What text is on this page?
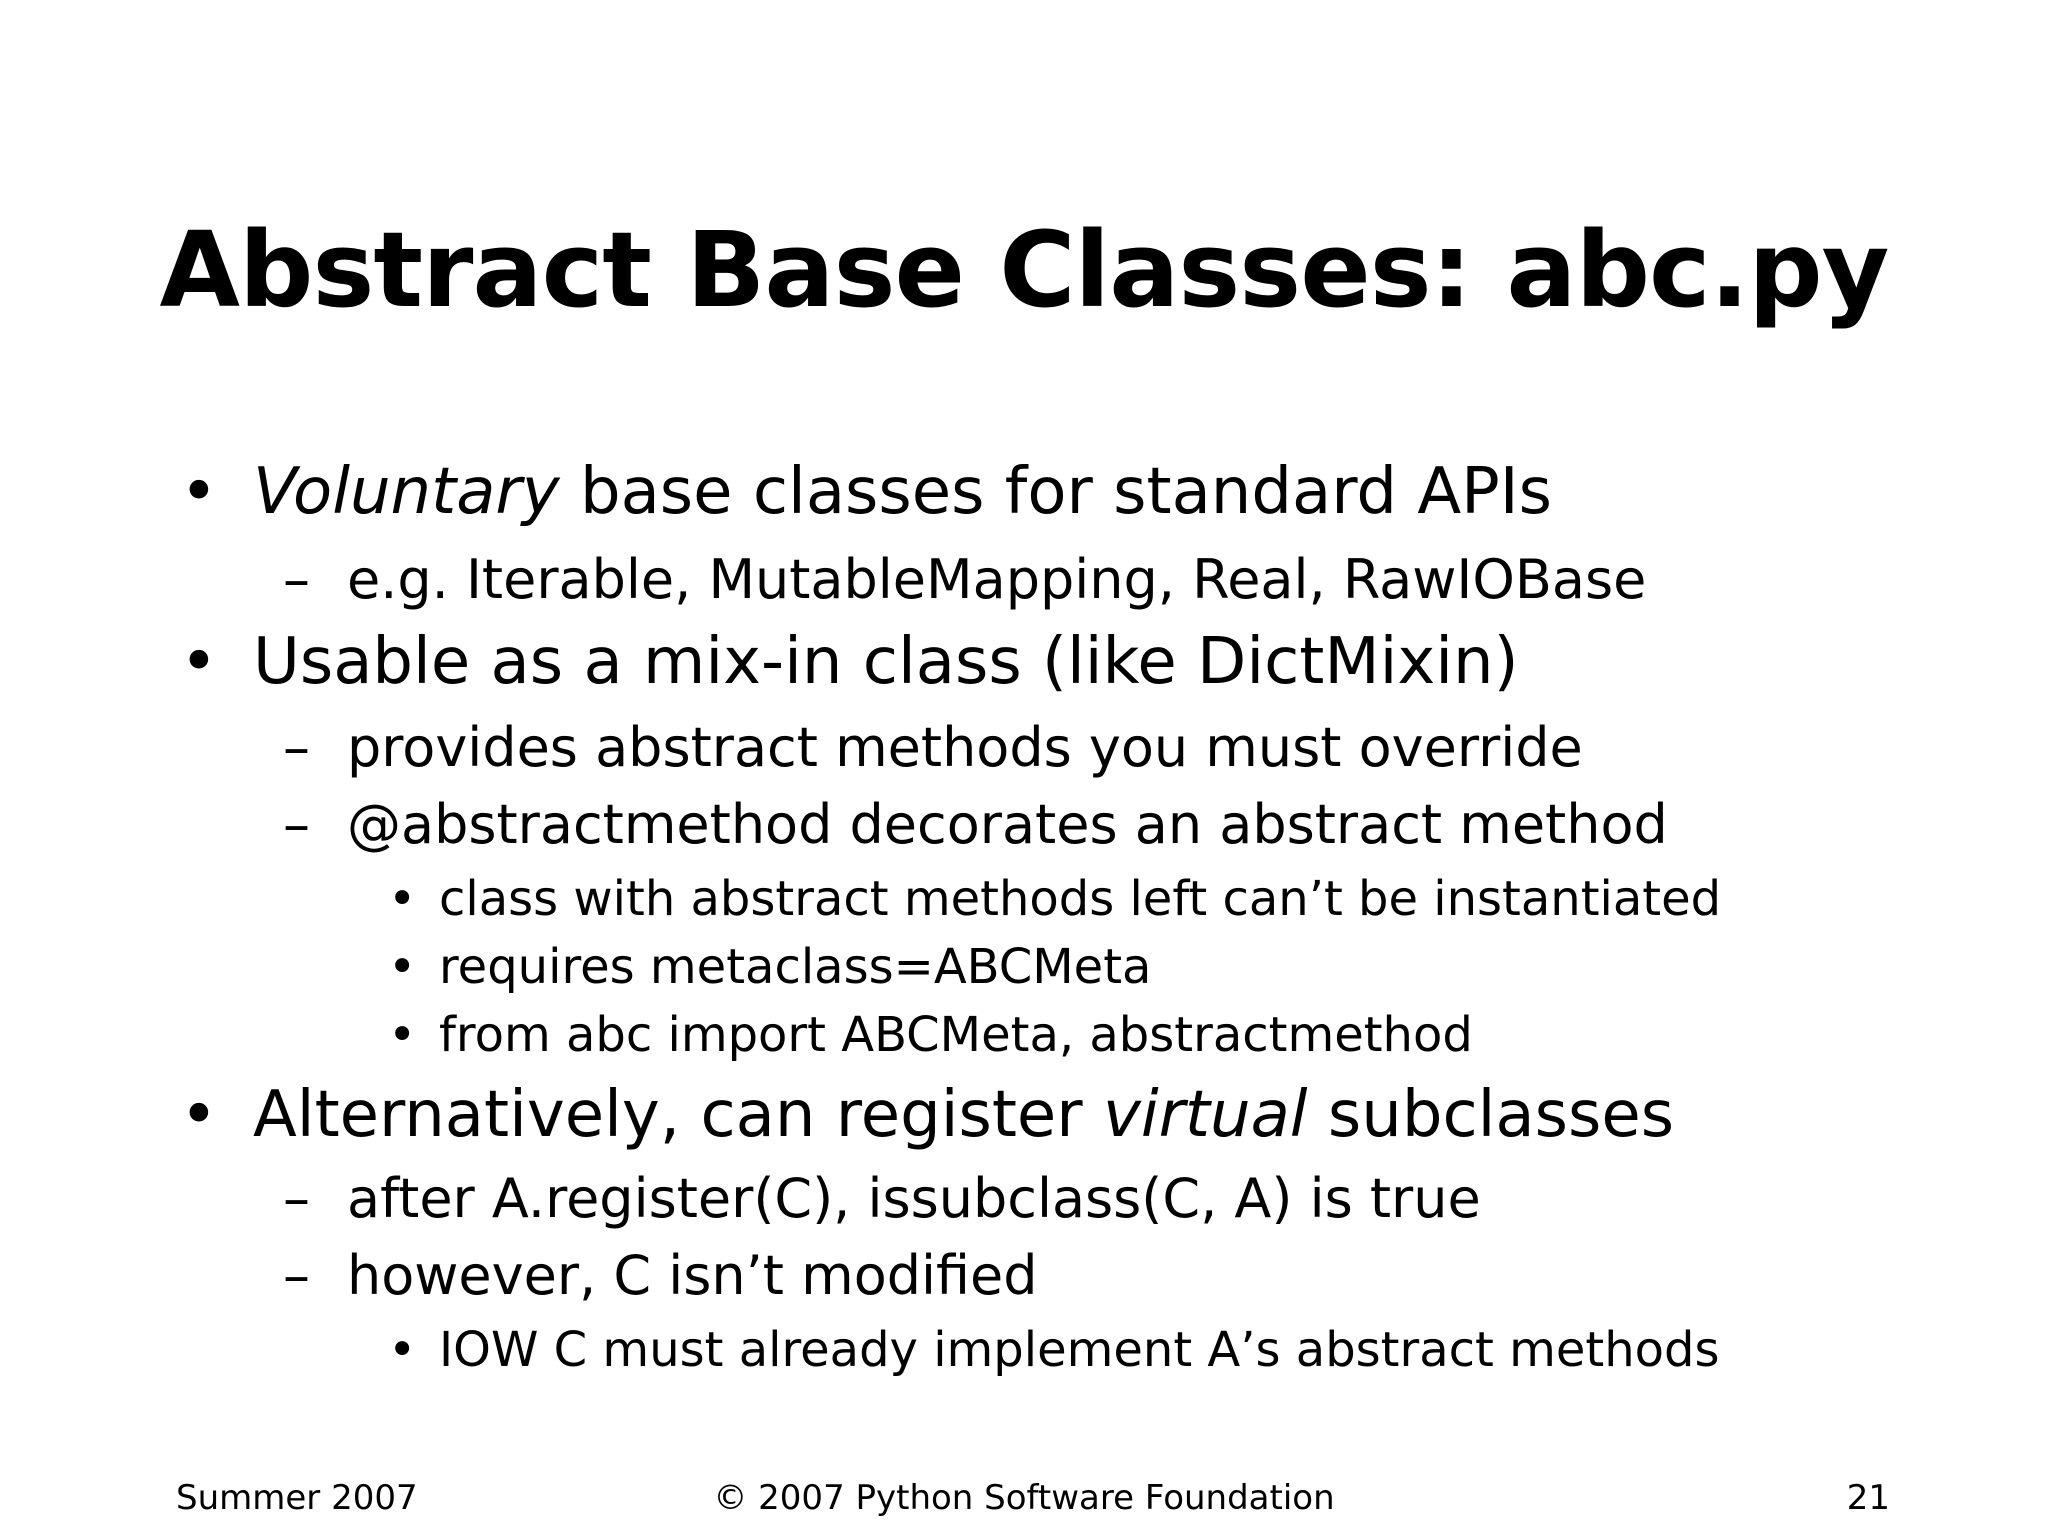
Abstract Base Classes: abc.py
• Voluntary base classes for standard APIs
– e.g. Iterable, MutableMapping, Real, RawIOBase
• Usable as a mix-in class (like DictMixin)
– provides abstract methods you must override
– @abstractmethod decorates an abstract method
• class with abstract methods left can’t be instantiated
• requires metaclass=ABCMeta
• from abc import ABCMeta, abstractmethod
• Alternatively, can register virtual subclasses
– after A.register(C), issubclass(C, A) is true
– however, C isn’t modified
• IOW C must already implement A’s abstract methods
Summer 2007	© 2007 Python Software Foundation	21
